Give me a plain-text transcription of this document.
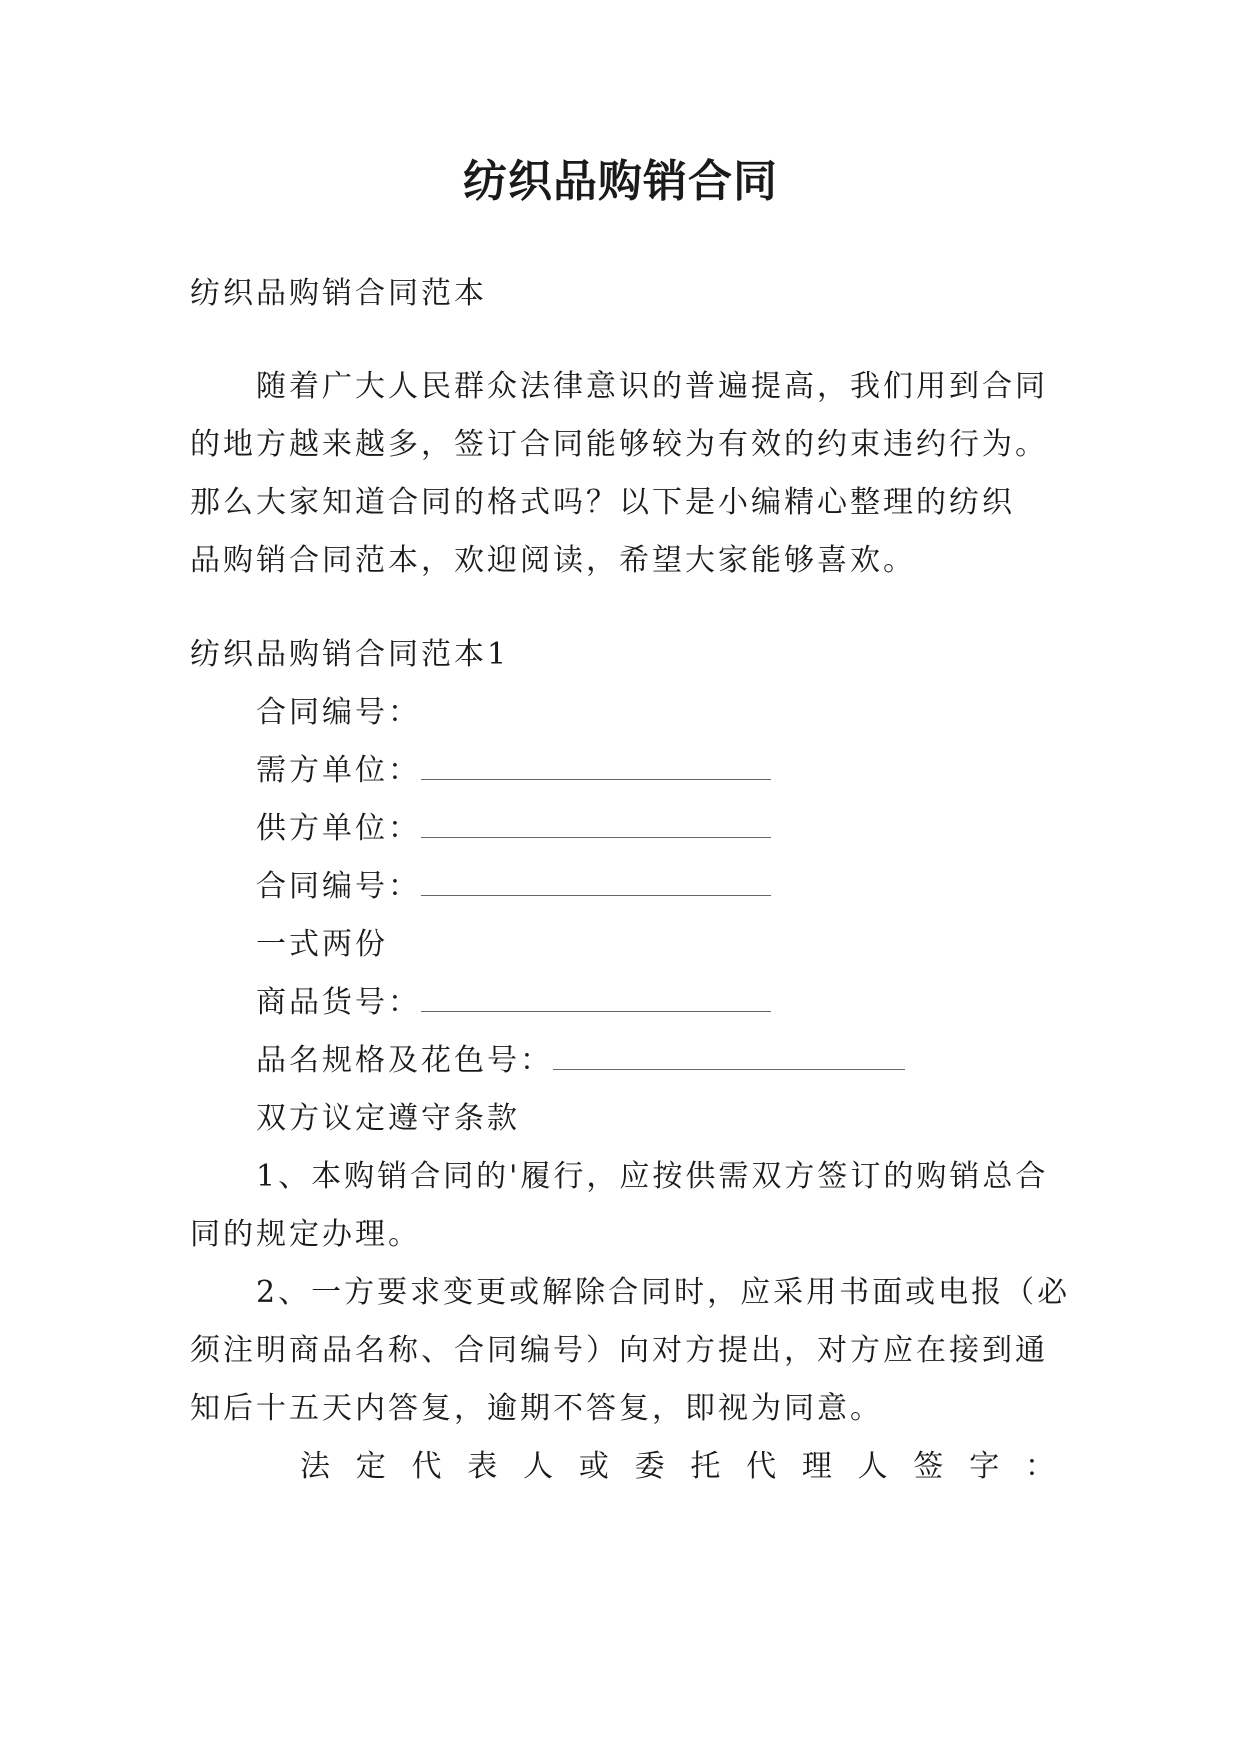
纺织品购销合同

纺织品购销合同范本

随着广大人民群众法律意识的普遍提高，我们用到合同

的地方越来越多，签订合同能够较为有效的约束违约行为。

那么大家知道合同的格式吗？以下是小编精心整理的纺织

品购销合同范本，欢迎阅读，希望大家能够喜欢。

纺织品购销合同范本1

合同编号：

需方单位：

供方单位：

合同编号：

一式两份

商品货号：

品名规格及花色号：

双方议定遵守条款

1、本购销合同的'履行，应按供需双方签订的购销总合

同的规定办理。

2、一方要求变更或解除合同时，应采用书面或电报（必

须注明商品名称、合同编号）向对方提出，对方应在接到通

知后十五天内答复，逾期不答复，即视为同意。

法 定 代 表 人 或 委 托 代 理 人 签 字 ：
